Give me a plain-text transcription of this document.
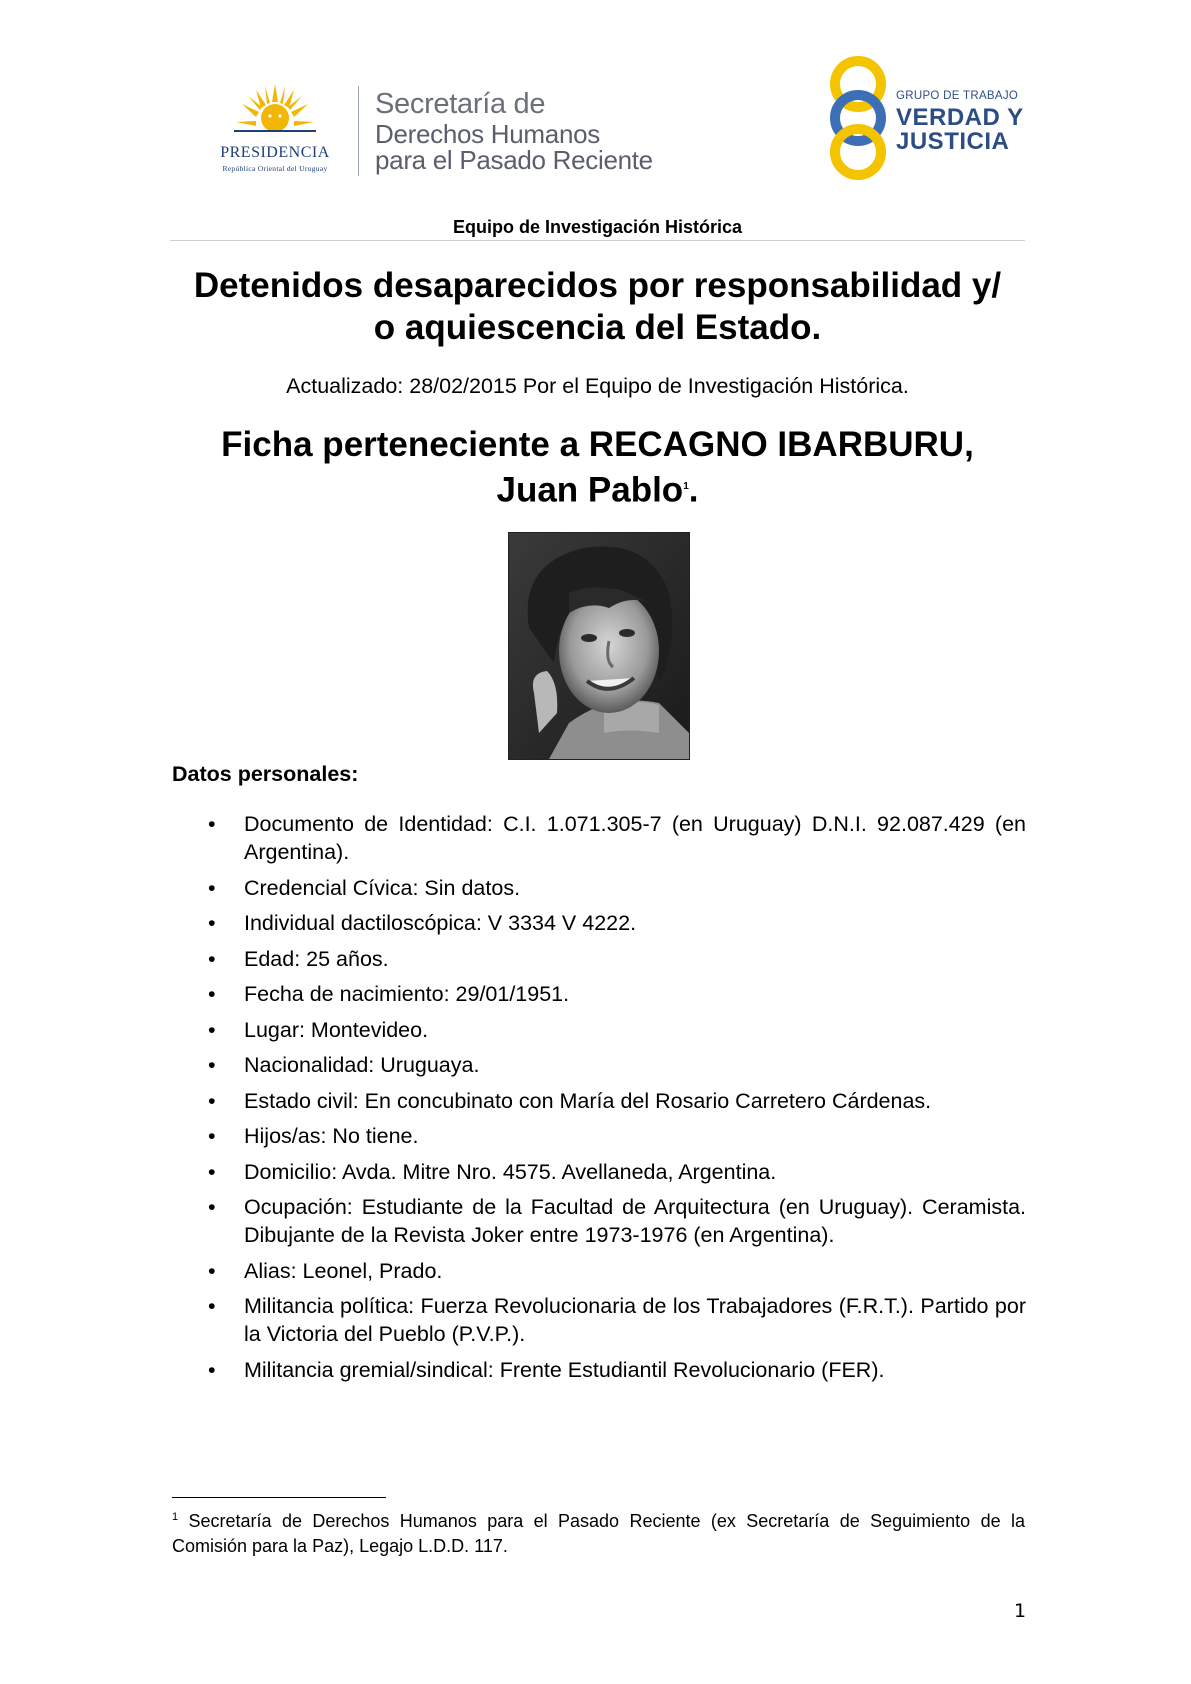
PRESIDENCIA
República Oriental del Uruguay
Secretaría de
Derechos Humanos
para el Pasado Reciente
GRUPO DE TRABAJO
VERDAD Y
JUSTICIA
Equipo de Investigación Histórica
Detenidos desaparecidos por responsabilidad y/
o aquiescencia del Estado.
Actualizado: 28/02/2015 Por el Equipo de Investigación Histórica.
Ficha perteneciente a RECAGNO IBARBURU,
Juan Pablo$^1$.
Datos personales:
• Documento de Identidad: C.I. 1.071.305-7 (en Uruguay) D.N.I. 92.087.429 (en Argentina).
• Credencial Cívica: Sin datos.
• Individual dactiloscópica: V 3334 V 4222.
• Edad: 25 años.
• Fecha de nacimiento: 29/01/1951.
• Lugar: Montevideo.
• Nacionalidad: Uruguaya.
• Estado civil: En concubinato con María del Rosario Carretero Cárdenas.
• Hijos/as: No tiene.
• Domicilio: Avda. Mitre Nro. 4575. Avellaneda, Argentina.
• Ocupación: Estudiante de la Facultad de Arquitectura (en Uruguay). Ceramista. Dibujante de la Revista Joker entre 1973-1976 (en Argentina).
• Alias: Leonel, Prado.
• Militancia política: Fuerza Revolucionaria de los Trabajadores (F.R.T.). Partido por la Victoria del Pueblo (P.V.P.).
• Militancia gremial/sindical: Frente Estudiantil Revolucionario (FER).
$^1$ Secretaría de Derechos Humanos para el Pasado Reciente (ex Secretaría de Seguimiento de la Comisión para la Paz), Legajo L.D.D. 117.
1
